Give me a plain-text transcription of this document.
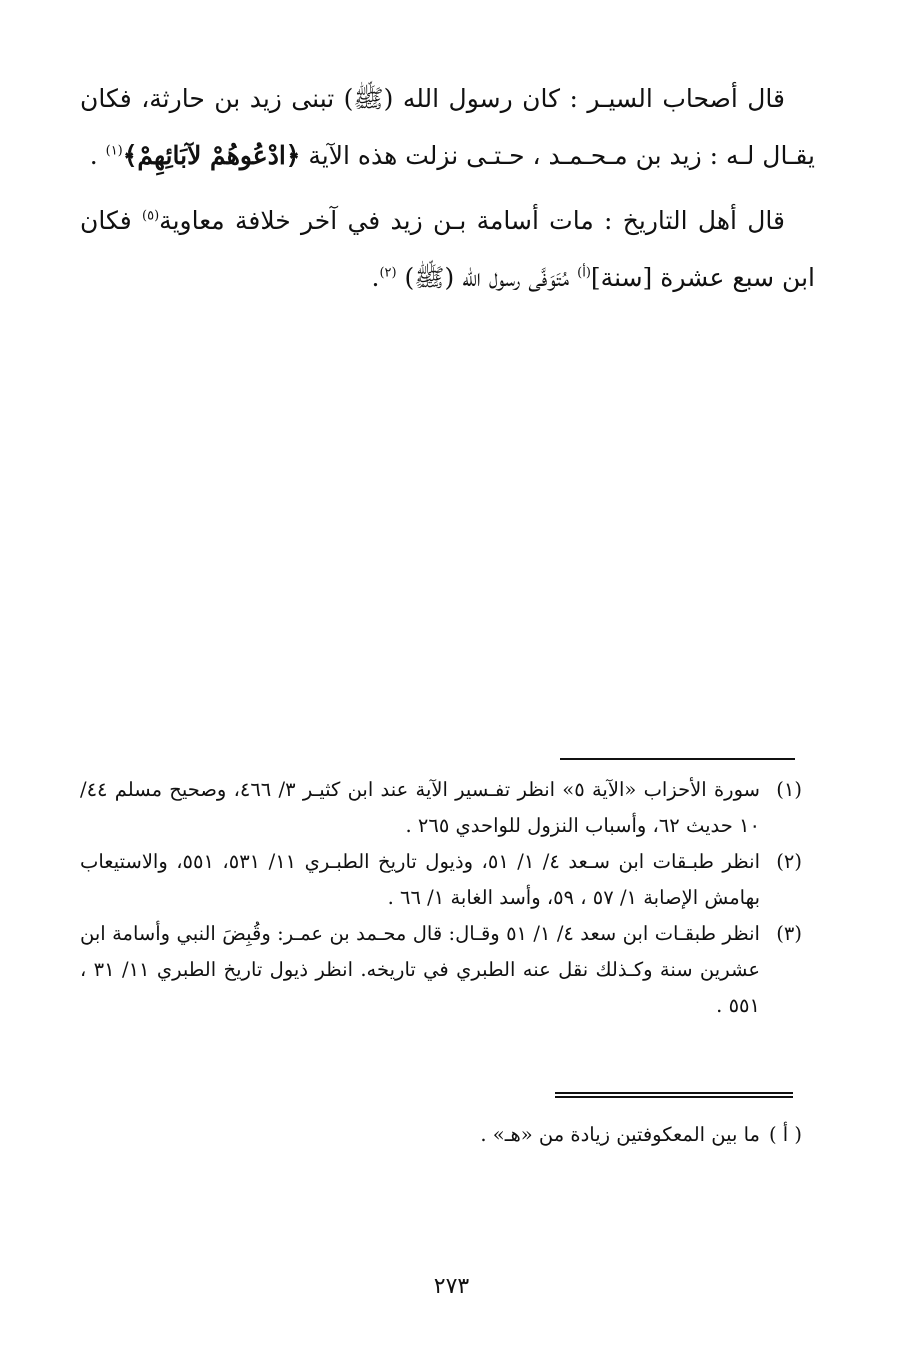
قال أصحاب السيـر : كان رسول الله (ﷺ) تبنى زيد بن حارثة، فكان يقـال لـه : زيد بن مـحـمـد ، حـتـى نزلت هذه الآية ﴿ادْعُوهُمْ لآبَائِهِمْ﴾$^{(١)}$ .

قال أهل التاريخ : مات أسامة بـن زيد في آخر خلافة معاوية$^{(٥)}$ فكان ابن سبع عشرة [سنة]$^{(أ)}$ مُتَوَفَّى رسول الله (ﷺ) $^{(٢)}$.

(١)
سورة الأحزاب «الآية ٥» انظر تفـسير الآية عند ابن كثيـر ٣/ ٤٦٦، وصحيح مسلم ٤٤/ ١٠ حديث ٦٢، وأسباب النزول للواحدي ٢٦٥ .
(٢)
انظر طبـقات ابن سـعد ٤/ ١/ ٥١، وذيول تاريخ الطبـري ١١/ ٥٣١، ٥٥١، والاستيعاب بهامش الإصابة ١/ ٥٧ ، ٥٩، وأسد الغابة ١/ ٦٦ .
(٣)
انظر طبقـات ابن سعد ٤/ ١/ ٥١ وقـال: قال محـمد بن عمـر: وقُبِضَ النبي وأسامة ابن عشرين سنة وكـذلك نقل عنه الطبري في تاريخه. انظر ذيول تاريخ الطبري ١١/ ٣١ ، ٥٥١ .
( أ )
ما بين المعكوفتين زيادة من «هـ» .
٢٧٣
